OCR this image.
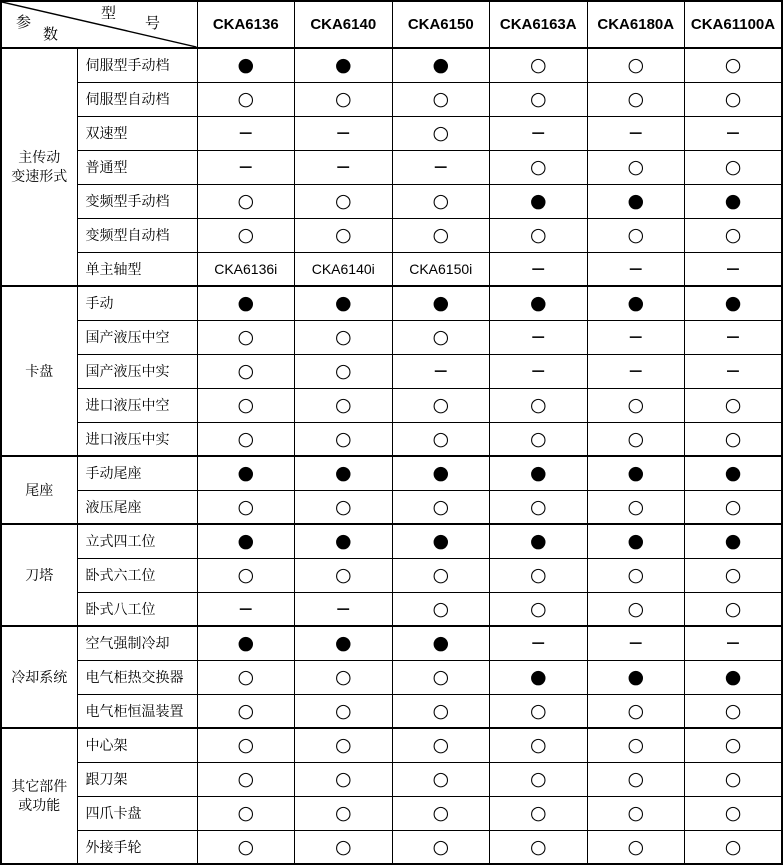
型
号
参
数		CKA6136	CKA6140	CKA6150	CKA6163A	CKA6180A	CKA61100A
主传动
变速形式	伺服型手动档	●	●	●	○	○	○
	伺服型自动档	○	○	○	○	○	○
	双速型	−	−	○	−	−	−
	普通型	−	−	−	○	○	○
	变频型手动档	○	○	○	●	●	●
	变频型自动档	○	○	○	○	○	○
	单主轴型	CKA6136i	CKA6140i	CKA6150i	−	−	−
卡盘	手动	●	●	●	●	●	●
	国产液压中空	○	○	○	−	−	−
	国产液压中实	○	○	−	−	−	−
	进口液压中空	○	○	○	○	○	○
	进口液压中实	○	○	○	○	○	○
尾座	手动尾座	●	●	●	●	●	●
	液压尾座	○	○	○	○	○	○
刀塔	立式四工位	●	●	●	●	●	●
	卧式六工位	○	○	○	○	○	○
	卧式八工位	−	−	○	○	○	○
冷却系统	空气强制冷却	●	●	●	−	−	−
	电气柜热交换器	○	○	○	●	●	●
	电气柜恒温装置	○	○	○	○	○	○
其它部件
或功能	中心架	○	○	○	○	○	○
	跟刀架	○	○	○	○	○	○
	四爪卡盘	○	○	○	○	○	○
	外接手轮	○	○	○	○	○	○
